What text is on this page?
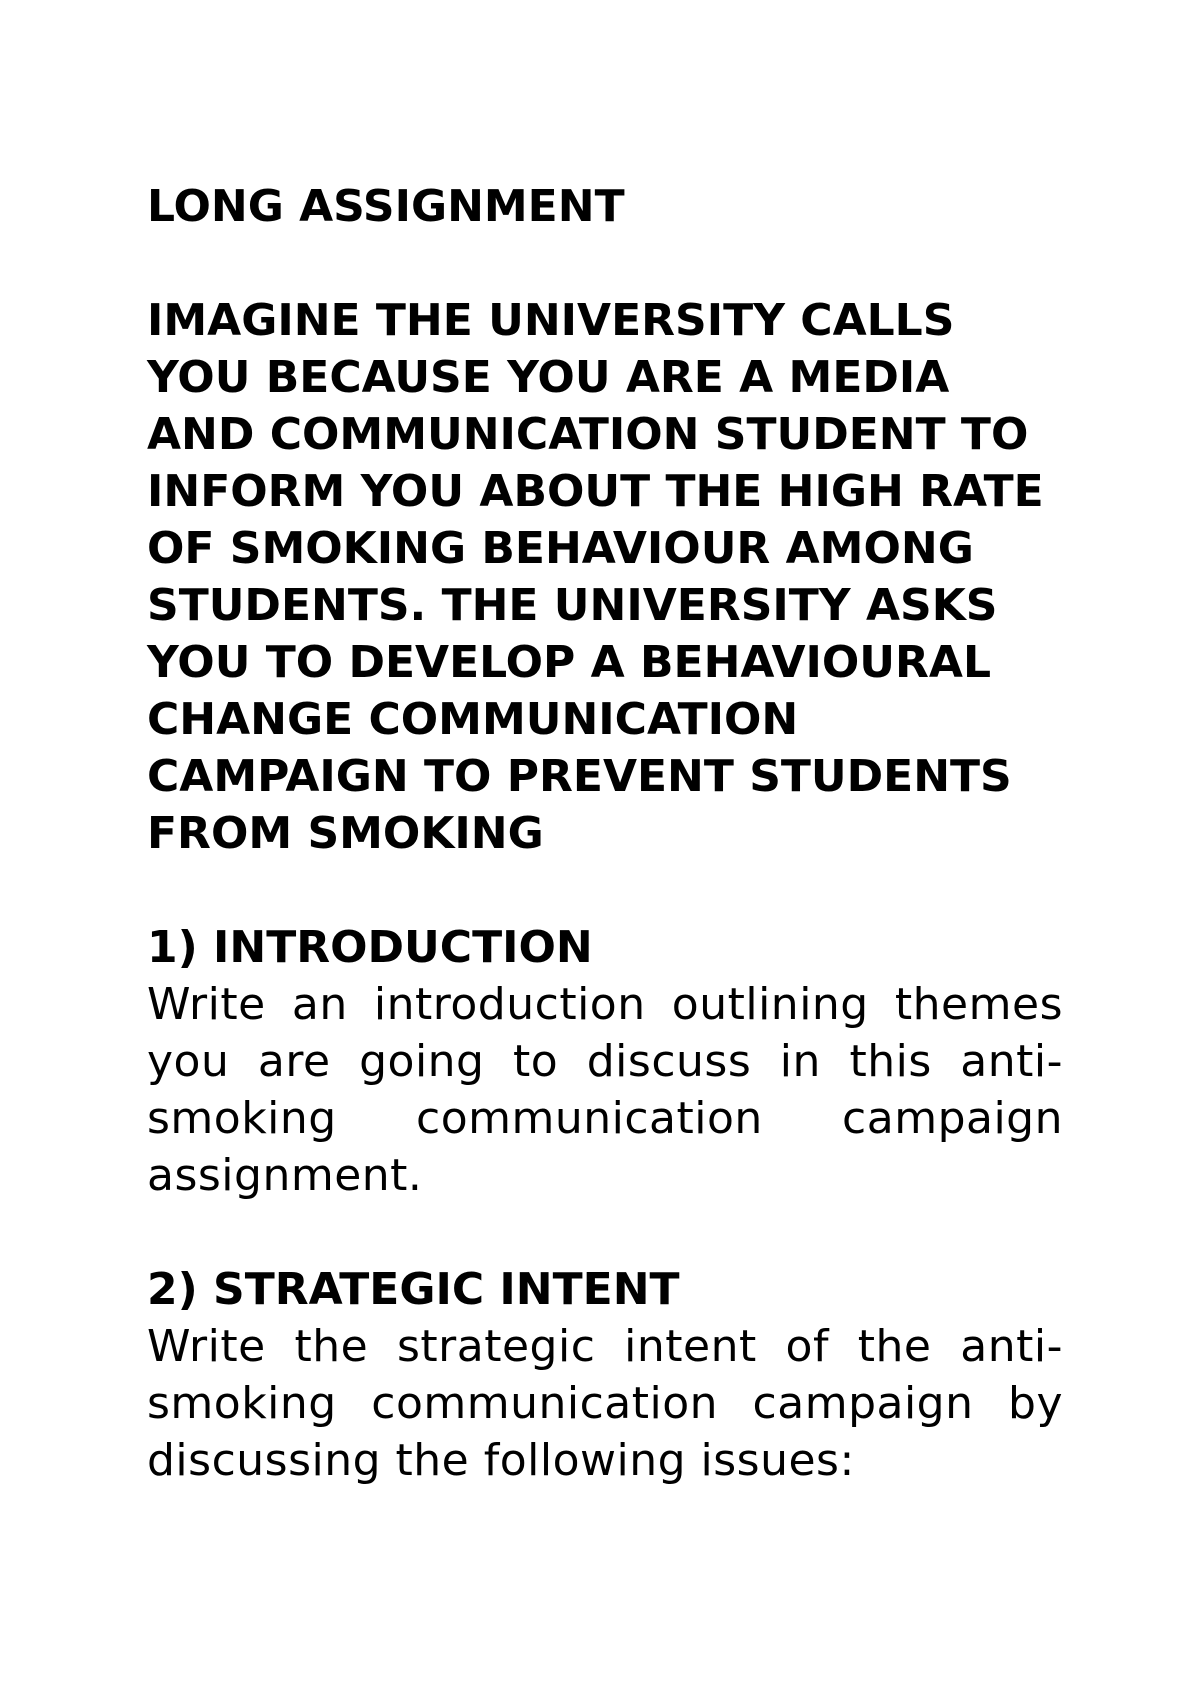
LONG ASSIGNMENT

IMAGINE THE UNIVERSITY CALLS YOU BECAUSE YOU ARE A MEDIA AND COMMUNICATION STUDENT TO INFORM YOU ABOUT THE HIGH RATE OF SMOKING BEHAVIOUR AMONG STUDENTS. THE UNIVERSITY ASKS YOU TO DEVELOP A BEHAVIOURAL CHANGE COMMUNICATION CAMPAIGN TO PREVENT STUDENTS FROM SMOKING

1) INTRODUCTION

Write an introduction outlining themes you are going to discuss in this anti-smoking communication campaign assignment.

2) STRATEGIC INTENT

Write the strategic intent of the anti-smoking communication campaign by discussing the following issues:
